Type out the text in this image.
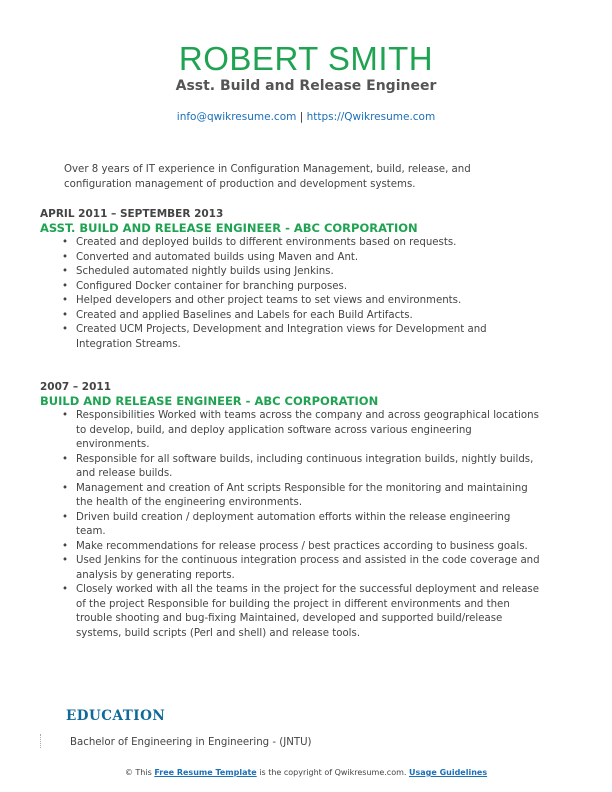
ROBERT SMITH
Asst. Build and Release Engineer
info@qwikresume.com | https://Qwikresume.com
Over 8 years of IT experience in Configuration Management, build, release, and configuration management of production and development systems.
APRIL 2011 – SEPTEMBER 2013
ASST. BUILD AND RELEASE ENGINEER - ABC CORPORATION
• Created and deployed builds to different environments based on requests.
• Converted and automated builds using Maven and Ant.
• Scheduled automated nightly builds using Jenkins.
• Configured Docker container for branching purposes.
• Helped developers and other project teams to set views and environments.
• Created and applied Baselines and Labels for each Build Artifacts.
• Created UCM Projects, Development and Integration views for Development and Integration Streams.
2007 – 2011
BUILD AND RELEASE ENGINEER - ABC CORPORATION
• Responsibilities Worked with teams across the company and across geographical locations to develop, build, and deploy application software across various engineering environments.
• Responsible for all software builds, including continuous integration builds, nightly builds, and release builds.
• Management and creation of Ant scripts Responsible for the monitoring and maintaining the health of the engineering environments.
• Driven build creation / deployment automation efforts within the release engineering team.
• Make recommendations for release process / best practices according to business goals.
• Used Jenkins for the continuous integration process and assisted in the code coverage and analysis by generating reports.
• Closely worked with all the teams in the project for the successful deployment and release of the project Responsible for building the project in different environments and then trouble shooting and bug-fixing Maintained, developed and supported build/release systems, build scripts (Perl and shell) and release tools.
EDUCATION
Bachelor of Engineering in Engineering - (JNTU)
© This Free Resume Template is the copyright of Qwikresume.com. Usage Guidelines
